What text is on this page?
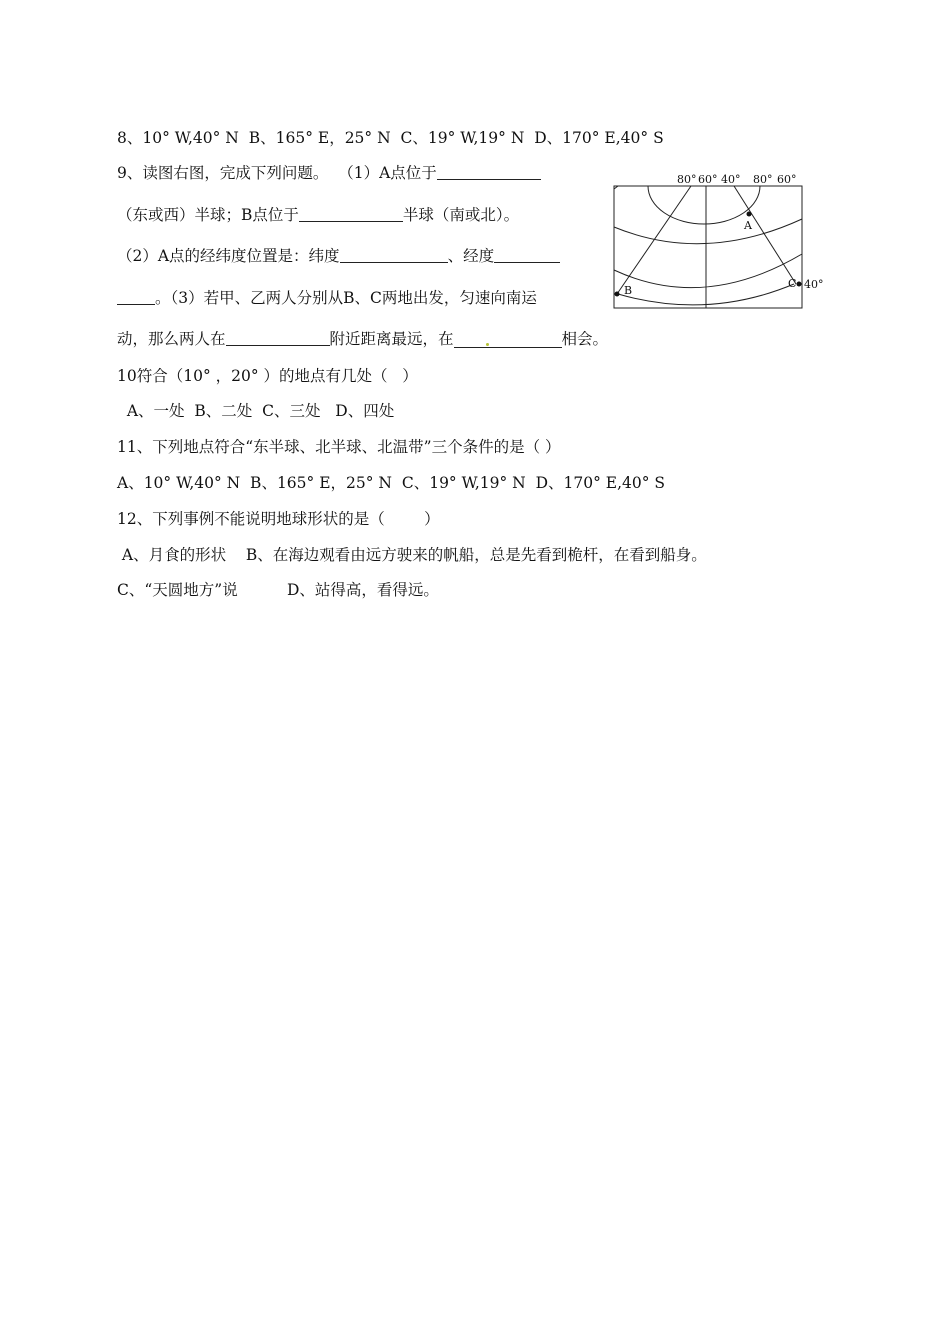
8、10° W,40° N  B、165° E，25° N  C、19° W,19° N  D、170° E,40° S
9、读图右图，完成下列问题。  （1）A点位于
（东或西）半球；B点位于	半球（南或北）。
（2）A点的经纬度位置是：纬度	、经度
。（3）若甲、乙两人分别从B、C两地出发，匀速向南运
动，那么两人在	附近距离最远，在	相会。
80° 60° 40° 80° 60°
40°
A
B
C
10符合（10° ，20° ）的地点有几处（   ）
A、一处  B、二处  C、三处   D、四处
11、下列地点符合“东半球、北半球、北温带”三个条件的是（ ）
A、10° W,40° N  B、165° E，25° N  C、19° W,19° N  D、170° E,40° S
12、下列事例不能说明地球形状的是（        ）
A、月食的形状    B、在海边观看由远方驶来的帆船，总是先看到桅杆，在看到船身。
C、“天圆地方”说          D、站得高，看得远。
